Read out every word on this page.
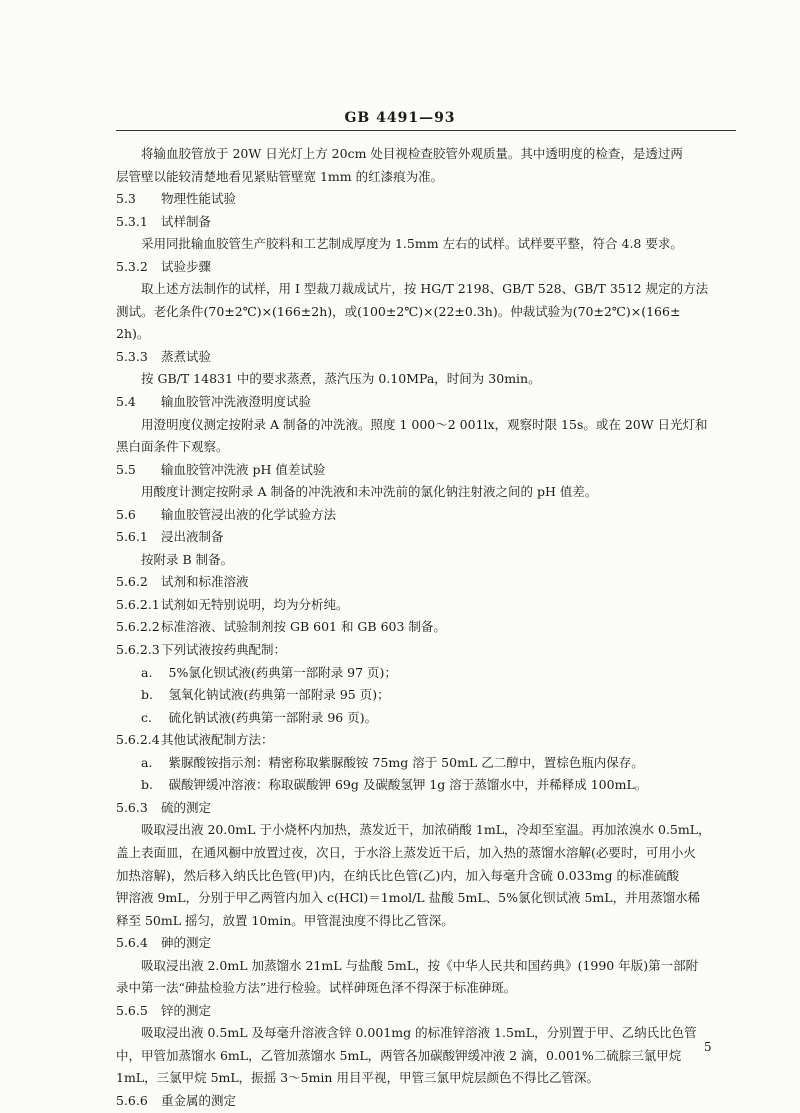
GB 4491—93
将输血胶管放于 20W 日光灯上方 20cm 处目视检查胶管外观质量。其中透明度的检查，是透过两
层管壁以能较清楚地看见紧贴管壁宽 1mm 的红漆痕为准。
5.3 物理性能试验
5.3.1 试样制备
采用同批输血胶管生产胶料和工艺制成厚度为 1.5mm 左右的试样。试样要平整，符合 4.8 要求。
5.3.2 试验步骤
取上述方法制作的试样，用 I 型裁刀裁成试片，按 HG/T 2198、GB/T 528、GB/T 3512 规定的方法
测试。老化条件(70±2℃)×(166±2h)，或(100±2℃)×(22±0.3h)。仲裁试验为(70±2℃)×(166±
2h)。
5.3.3 蒸煮试验
按 GB/T 14831 中的要求蒸煮，蒸汽压为 0.10MPa，时间为 30min。
5.4 输血胶管冲洗液澄明度试验
用澄明度仪测定按附录 A 制备的冲洗液。照度 1 000～2 001lx，观察时限 15s。或在 20W 日光灯和
黑白面条件下观察。
5.5 输血胶管冲洗液 pH 值差试验
用酸度计测定按附录 A 制备的冲洗液和未冲洗前的氯化钠注射液之间的 pH 值差。
5.6 输血胶管浸出液的化学试验方法
5.6.1 浸出液制备
按附录 B 制备。
5.6.2 试剂和标准溶液
5.6.2.1试剂如无特别说明，均为分析纯。
5.6.2.2标准溶液、试验制剂按 GB 601 和 GB 603 制备。
5.6.2.3下列试液按药典配制：
a. 5%氯化钡试液(药典第一部附录 97 页)；
b. 氢氧化钠试液(药典第一部附录 95 页)；
c. 硫化钠试液(药典第一部附录 96 页)。
5.6.2.4其他试液配制方法：
a. 紫脲酸铵指示剂：精密称取紫脲酸铵 75mg 溶于 50mL 乙二醇中，置棕色瓶内保存。
b. 碳酸钾缓冲溶液：称取碳酸钾 69g 及碳酸氢钾 1g 溶于蒸馏水中，并稀释成 100mL。
5.6.3 硫的测定
吸取浸出液 20.0mL 于小烧杯内加热，蒸发近干，加浓硝酸 1mL，冷却至室温。再加浓溴水 0.5mL，
盖上表面皿，在通风橱中放置过夜，次日，于水浴上蒸发近干后，加入热的蒸馏水溶解(必要时，可用小火
加热溶解)，然后移入纳氏比色管(甲)内，在纳氏比色管(乙)内，加入每毫升含硫 0.033mg 的标准硫酸
钾溶液 9mL，分别于甲乙两管内加入 c(HCl)＝1mol/L 盐酸 5mL、5%氯化钡试液 5mL，并用蒸馏水稀
释至 50mL 摇匀，放置 10min。甲管混浊度不得比乙管深。
5.6.4 砷的测定
吸取浸出液 2.0mL 加蒸馏水 21mL 与盐酸 5mL，按《中华人民共和国药典》(1990 年版)第一部附
录中第一法“砷盐检验方法”进行检验。试样砷斑色泽不得深于标准砷斑。
5.6.5 锌的测定
吸取浸出液 0.5mL 及每毫升溶液含锌 0.001mg 的标准锌溶液 1.5mL，分别置于甲、乙纳氏比色管
中，甲管加蒸馏水 6mL，乙管加蒸馏水 5mL，两管各加碳酸钾缓冲液 2 滴，0.001%二硫腙三氯甲烷
1mL，三氯甲烷 5mL，振摇 3～5min 用目平视，甲管三氯甲烷层颜色不得比乙管深。
5.6.6 重金属的测定
5
